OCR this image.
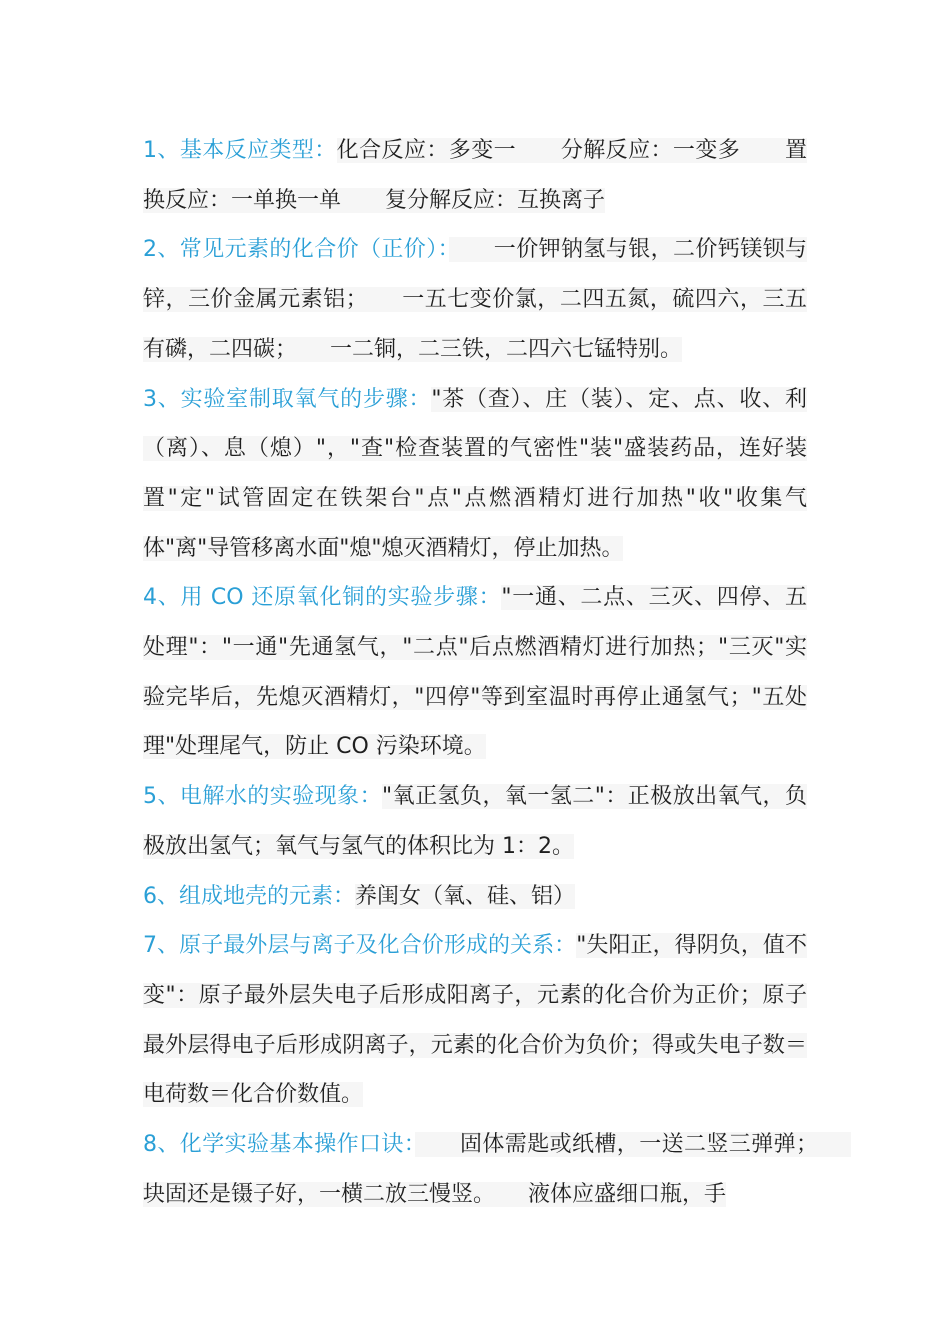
1、基本反应类型：化合反应：多变一　　分解反应：一变多　　置换反应：一单换一单　　复分解反应：互换离子

2、常见元素的化合价（正价）：　　一价钾钠氢与银，二价钙镁钡与锌，三价金属元素铝；　　一五七变价氯，二四五氮，硫四六，三五有磷，二四碳；　　一二铜，二三铁，二四六七锰特别。

3、实验室制取氧气的步骤："茶（查）、庄（装）、定、点、收、利（离）、息（熄）"，"查"检查装置的气密性"装"盛装药品，连好装置"定"试管固定在铁架台"点"点燃酒精灯进行加热"收"收集气体"离"导管移离水面"熄"熄灭酒精灯，停止加热。

4、用 CO 还原氧化铜的实验步骤："一通、二点、三灭、四停、五处理"："一通"先通氢气，"二点"后点燃酒精灯进行加热；"三灭"实验完毕后，先熄灭酒精灯，"四停"等到室温时再停止通氢气；"五处理"处理尾气，防止 CO 污染环境。

5、电解水的实验现象："氧正氢负，氧一氢二"：正极放出氧气，负极放出氢气；氧气与氢气的体积比为 1：2。

6、组成地壳的元素：养闺女（氧、硅、铝）

7、原子最外层与离子及化合价形成的关系："失阳正，得阴负，值不变"：原子最外层失电子后形成阳离子，元素的化合价为正价；原子最外层得电子后形成阴离子，元素的化合价为负价；得或失电子数＝电荷数＝化合价数值。

8、化学实验基本操作口诀：　　固体需匙或纸槽，一送二竖三弹弹；　　块固还是镊子好，一横二放三慢竖。　　液体应盛细口瓶，手
